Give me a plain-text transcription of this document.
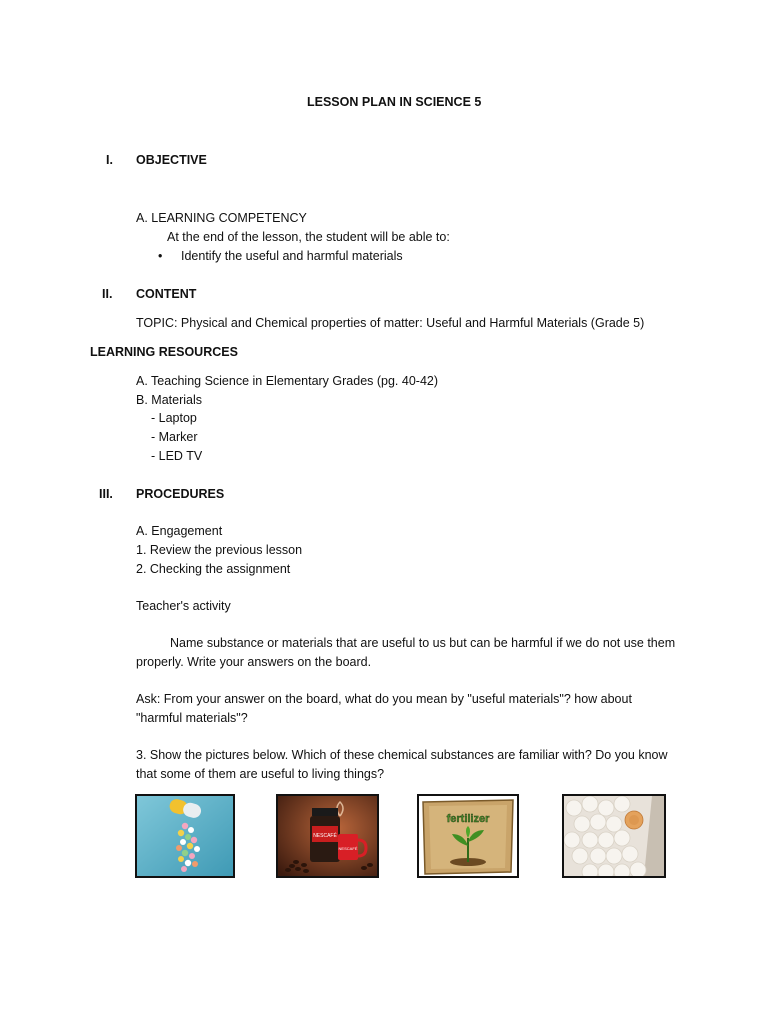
LESSON PLAN IN SCIENCE 5
I. OBJECTIVE
A. LEARNING COMPETENCY
At the end of the lesson, the student will be able to:
• Identify the useful and harmful materials
II. CONTENT
TOPIC: Physical and Chemical properties of matter: Useful and Harmful Materials (Grade 5)
LEARNING RESOURCES
A. Teaching Science in Elementary Grades (pg. 40-42)
B. Materials
- Laptop
- Marker
- LED TV
III. PROCEDURES
A. Engagement
1. Review the previous lesson
2. Checking the assignment
Teacher's activity
Name substance or materials that are useful to us but can be harmful if we do not use them properly. Write your answers on the board.
Ask: From your answer on the board, what do you mean by "useful materials"? how about "harmful materials"?
3. Show the pictures below. Which of these chemical substances are familiar with? Do you know that some of them are useful to living things?
NESCAFÉ
NESCAFÉ
fertilizer
